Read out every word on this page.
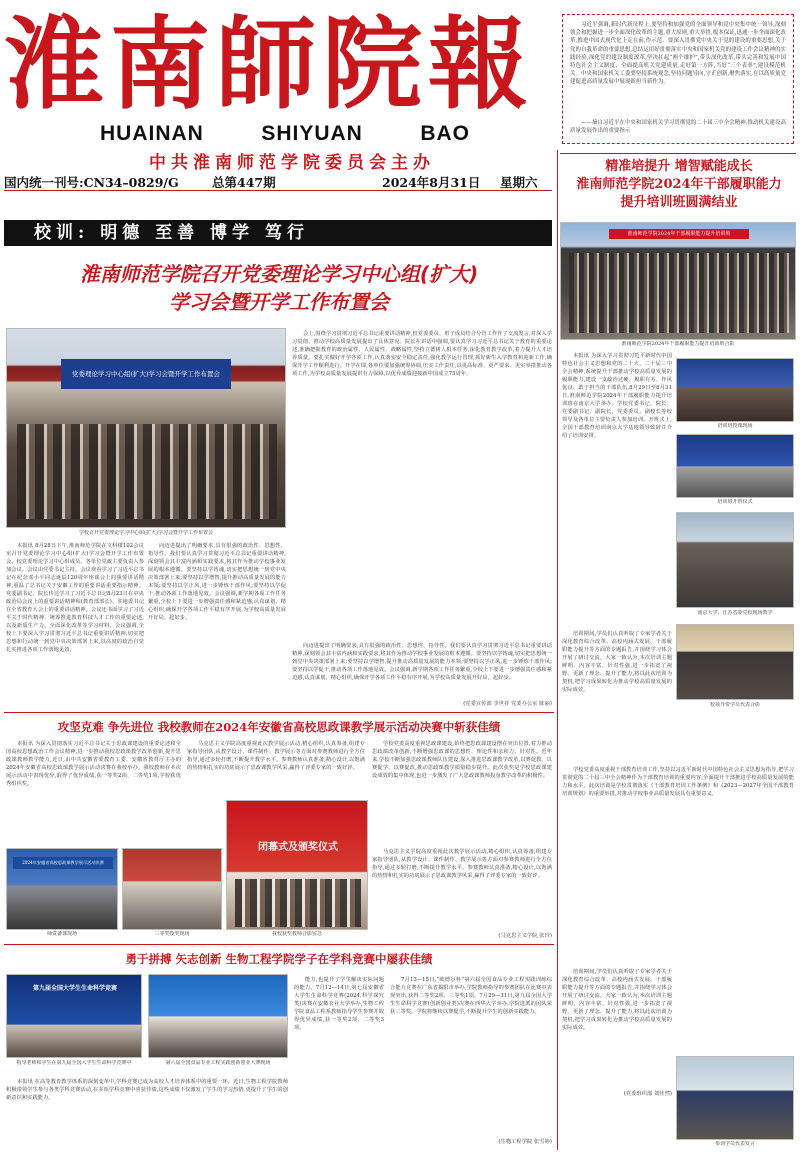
淮南師院報
HUAINAN	SHIYUAN	BAO
中共淮南师范学院委员会主办
国内统一刊号:CN34–0829/G	总第447期	2024年8月31日	星期六
校训: 明德 至善 博学 笃行
习近平强调,新时代新征程上,要坚持和加强党的全面领导和党中央集中统一领导,深刻领会和把握进一步全面深化改革的主题,重大原则,重大举措,根本保证,迅速一步全面深化改革,推进中国式现代化上走在前,作示范。要深入贯彻党中央关于党的建设的重要思想,关于党的自我革命的重要思想,总结运用好贯彻落实中央和国家机关党的建设工作会议精神的实践经验,深化党的建设制度改革,坚决扛起“两个维护”,带头深化改革,带头完善和发展中国特色社会主义制度、全面提高机关党建质量,走好第一方阵,当好“三个表率”,建设模范机关。中央和国家机关工委要坚持系统观念,坚持问题导向,守正创新,聚焦落实,在以高质量党建促进高质量发展中展现新担当新作为。
——摘自习近平在中央和国家机关学习贯彻党的二十届三中全会精神,推动机关建设高质量发展作出的重要指示
精准培提升 增智赋能成长
淮南师范学院2024年干部履职能力
提升培训班圆满结业
淮南师范学院2024年干部履职能力提升培训班
淮南师范学院2024年干部履职能力提升培训班合影
本报讯 为深入学习贯彻习近平新时代中国特色社会主义思想和党的二十大、二十届三中全会精神,系统提升干部推动学校高质量发展的履职能力,建设一支政治过硬、履职有方、作风优良、敢于担当的干部队伍,8月29日至8月31日,淮南师范学院2024年干部履职能力提升培训班在南京大学举办。学校党委书记、院长、党委副书记、副院长、党委委员、副校长等校领导及各单位主要负责人参加培训。开班式上,全国干部教育培训南京大学基地领导致辞并介绍了培训安排。
培训班授课现场
培训班开班仪式
南京大学、江苏省委党校现场教学
培训期间,学员们认真听取了专家学者关于深化教育综合改革、高校内涵式发展、干部履职能力提升等方面的专题报告,并围绕学习体会开展了研讨交流。大家一致认为,本次培训主题鲜明、内容丰富、针对性强,进一步拓宽了视野、更新了理念、提升了能力,将以此次培训为契机,把学习成果转化为推动学校高质量发展的实际成效。
校领导带学员代表合影
学校党委高度重视干部教育培训工作,坚持以习近平新时代中国特色社会主义思想为指导,把学习贯彻党的二十届三中全会精神作为干部教育培训的重要内容,全面提升干部推进学校高质量发展的能力和水平。此次培训是学校贯彻落实《干部教育培训工作条例》和《2023—2027年全国干部教育培训规划》的重要举措,对推动学校事业高质量发展具有重要意义。
培训期间,学员们认真听取了专家学者关于深化教育综合改革、高校内涵式发展、干部履职能力提升等方面的专题报告,并围绕学习体会开展了研讨交流。大家一致认为,本次培训主题鲜明、内容丰富、针对性强,进一步拓宽了视野、更新了理念、提升了能力,将以此次培训为契机,把学习成果转化为推动学校高质量发展的实际成效。
参训学员代表发言
(党委组织部 刘佳然)
淮南师范学院召开党委理论学习中心组(扩大)
学习会暨开学工作布置会
党委理论学习中心组(扩大)学习会暨开学工作布置会
学校召开党委理论学习中心组(扩大)学习会暨开学工作布置会
会上,围绕学习贯彻习近平总书记重要讲话精神,校党委委员、班子成员结合分管工作作了交流发言,对深入学习贯彻、推动学校高质量发展提出了具体意见。院长在讲话中强调,要认真学习习近平总书记关于教育的重要论述,准确把握教育的政治属性、人民属性、战略属性,坚持立德树人根本任务,深化教育教学改革,着力提升人才培养质量。要扎实做好开学各项工作,认真落实安全稳定责任,强化教学运行管理,抓好新生入学教育和迎新工作,确保开学工作顺利进行。开学在即,各单位要加强统筹协调,压实工作责任,以更高标准、更严要求、更实举措推动各项工作,为学校高质量发展提供有力保障,以优异成绩迎接新中国成立75周年。
本报讯 8月28日下午,淮南师范学院在文科楼102会议室召开党委理论学习中心组(扩大)学习会暨开学工作布置会。校党委理论学习中心组成员、各单位党政主要负责人参加会议。会议由党委书记主持。会议观看学习了习近平总书记在纪念邓小平同志诞辰120周年座谈会上的重要讲话精神,重温了总书记关于安徽工作的重要讲话重要指示精神。党委副书记、院长传达学习了习近平总书记8月23日在中央政治局会议上的重要讲话精神和(教育部部长)、驻地委书记在全省教育大会上的重要讲话精神。会议还书面学习了习近平关于时代精神、统筹推进教育科技人才工作的重要论述,以及新质生产力、全面深化改革等学习材料。会议强调,全校上下要深入学习贯彻习近平总书记重要讲话精神,切实把思想和行动统一到党中央决策部署上来,以高度的政治自觉扎实推进各项工作落地见效。
向迈进提出了明确要求,具有很强的政治性、思想性、指导性。我们要认真学习贯彻习近平总书记重要讲话精神,深刻领会其丰富内涵和实践要求,将其作为推动学校事业发展的根本遵循。要坚持以学铸魂,切实把思想统一到党中央决策部署上来;要坚持以学增智,提升推动高质量发展的能力本领;要坚持以学正风,进一步锤炼干部作风;要坚持以学促干,推动各项工作落地见效。会议强调,新学期各项工作任务繁重,全校上下要进一步增强责任感和紧迫感,认真谋划、精心组织,确保开学各项工作平稳有序开展,为学校高质量发展开好局、起好步。
向迈进提出了明确要求,具有很强的政治性、思想性、指导性。我们要认真学习贯彻习近平总书记重要讲话精神,深刻领会其丰富内涵和实践要求,将其作为推动学校事业发展的根本遵循。要坚持以学铸魂,切实把思想统一到党中央决策部署上来;要坚持以学增智,提升推动高质量发展的能力本领;要坚持以学正风,进一步锤炼干部作风;要坚持以学促干,推动各项工作落地见效。会议强调,新学期各项工作任务繁重,全校上下要进一步增强责任感和紧迫感,认真谋划、精心组织,确保开学各项工作平稳有序开展,为学校高质量发展开好局、起好步。
(党委宣传部 李世祥 党委办公室 陈丽)
攻坚克难 争先进位 我校教师在2024年安徽省高校思政课教学展示活动决赛中斩获佳绩
本报讯 为深入贯彻落实习近平总书记关于思政课建设的重要论述和全国高校思想政治工作会议精神,进一步推动我校思政课教学改革创新,提升思政课教师教学能力,近日,由中共安徽省委教育工委、安徽省教育厅主办的2024年安徽省高校思政课教学展示活动决赛在我校举办。我校教师在本次展示活动中表现优异,取得了优异成绩,获一等奖2项、二等奖1项,学校获优秀组织奖。
马克思主义学院高度重视此次教学展示活动,精心组织,认真筹备,组建专家指导团队,从教学设计、课件制作、教学展示等方面对参赛教师进行全方位指导,通过多轮打磨,不断提升教学水平。参赛教师认真准备,精心设计,以饱满的热情和扎实的功底展示了思政课教学风采,赢得了评委专家的一致好评。
学校党委高度重视思政课建设,始终把思政课建设摆在突出位置,着力推动思政课改革创新,不断增强思政课的思想性、理论性和亲和力、针对性。近年来,学校不断加强思政课教师队伍建设,深入推进思政课教学改革,以赛促教、以赛促学、以赛促改,推动思政课教学质量稳步提升。此次获奖是学校思政课建设成效的集中体现,也进一步激发了广大思政课教师投身教学改革的积极性。
2024年安徽省高校思政课教学展示活动决赛
师资备课现场	三等奖授奖现场
闭幕式及颁奖仪式
我校获奖教师合影留念
马克思主义学院高度重视此次教学展示活动,精心组织,认真筹备,组建专家指导团队,从教学设计、课件制作、教学展示等方面对参赛教师进行全方位指导,通过多轮打磨,不断提升教学水平。参赛教师认真准备,精心设计,以饱满的热情和扎实的功底展示了思政课教学风采,赢得了评委专家的一致好评。
(马克思主义学院 张玲)
勇于拼搏 矢志创新 生物工程学院学子在学科竞赛中屡获佳绩
第九届全国大学生生命科学竞赛
指导老师和学生在第九届全国大学生生命科学竞赛中	第六届全国食品专业工程实践创新创业大赛现场
本报讯 在高等教育教学体系的深刻变革中,学科竞赛已成为高校人才培养体系中的重要一环。近日,生物工程学院教师积极带领学生参与各类学科竞赛活动,在多项学科竞赛中喜获佳绩,这些成绩不仅激发了学生的学习热情,更提升了学生的创新意识和实践能力。
能力,也提升了学生解决实际问题的能力。7月12—14日,第七届安徽省大学生生命科学竞赛(2024,科学探究类)决赛在安徽农业大学举办,生物工程学院食品工程系教师指导学生参赛并取得优异成绩,获一等奖2项、二等奖3项。
7月13—15日,“欧德尔杯”第六届全国食品专业工程实践训练综合能力竞赛在广东省揭阳市举办,学院教师指导的参赛团队在比赛中表现突出,获得二等奖2项、三等奖1项。7月29—31日,第九届全国大学生生命科学竞赛(创新创业类)决赛在西华大学举办,学院选派的团队荣获三等奖。学院将继续以赛促学,不断提升学生的创新实践能力。
(生物工程学院 张雪婷)
